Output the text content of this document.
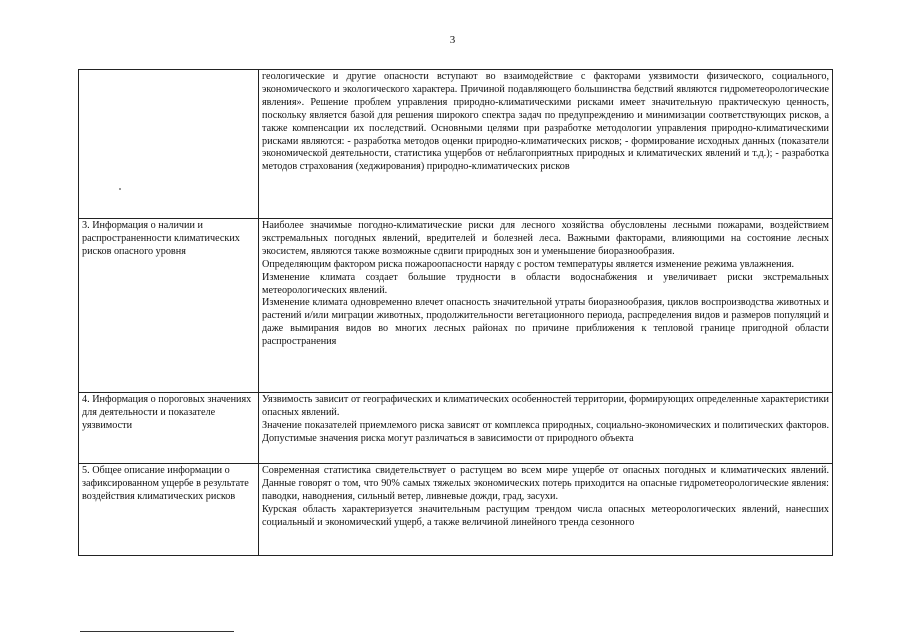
3

	геологические и другие опасности вступают во взаимодействие с факторами уязвимости физического, социального, экономического и экологического характера. Причиной подавляющего большинства бедствий являются гидрометеорологические явления». Решение проблем управления природно-климатическими рисками имеет значительную практическую ценность, поскольку является базой для решения широкого спектра задач по предупреждению и минимизации соответствующих рисков, а также компенсации их последствий. Основными целями при разработке методологии управления природно-климатическими рисками являются: - разработка методов оценки природно-климатических рисков; - формирование исходных данных (показатели экономической деятельности, статистика ущербов от неблагоприятных природных и климатических явлений и т.д.); - разработка методов страхования (хеджирования) природно-климатических рисков

3. Информация о наличии и распространенности климатических рисков опасного уровня	Наиболее значимые погодно-климатические риски для лесного хозяйства обусловлены лесными пожарами, воздействием экстремальных погодных явлений, вредителей и болезней леса. Важными факторами, влияющими на состояние лесных экосистем, являются также возможные сдвиги природных зон и уменьшение биоразнообразия.

Определяющим фактором риска пожароопасности наряду с ростом температуры является изменение режима увлажнения.

Изменение климата создает большие трудности в области водоснабжения и увеличивает риски экстремальных метеорологических явлений.

Изменение климата одновременно влечет опасность значительной утраты биоразнообразия, циклов воспроизводства животных и растений и/или миграции животных, продолжительности вегетационного периода, распределения видов и размеров популяций и даже вымирания видов во многих лесных районах по причине приближения к тепловой границе пригодной области распространения

4. Информация о пороговых значениях для деятельности и показателе уязвимости	Уязвимость зависит от географических и климатических особенностей территории, формирующих определенные характеристики опасных явлений.

Значение показателей приемлемого риска зависят от комплекса природных, социально-экономических и политических факторов. Допустимые значения риска могут различаться в зависимости от природного объекта

5. Общее описание информации о зафиксированном ущербе в результате воздействия климатических рисков	Современная статистика свидетельствует о растущем во всем мире ущербе от опасных погодных и климатических явлений. Данные говорят о том, что 90% самых тяжелых экономических потерь приходится на опасные гидрометеорологические явления: паводки, наводнения, сильный ветер, ливневые дожди, град, засухи.

Курская область характеризуется значительным растущим трендом числа опасных метеорологических явлений, нанесших социальный и экономический ущерб, а также величиной линейного тренда сезонного
